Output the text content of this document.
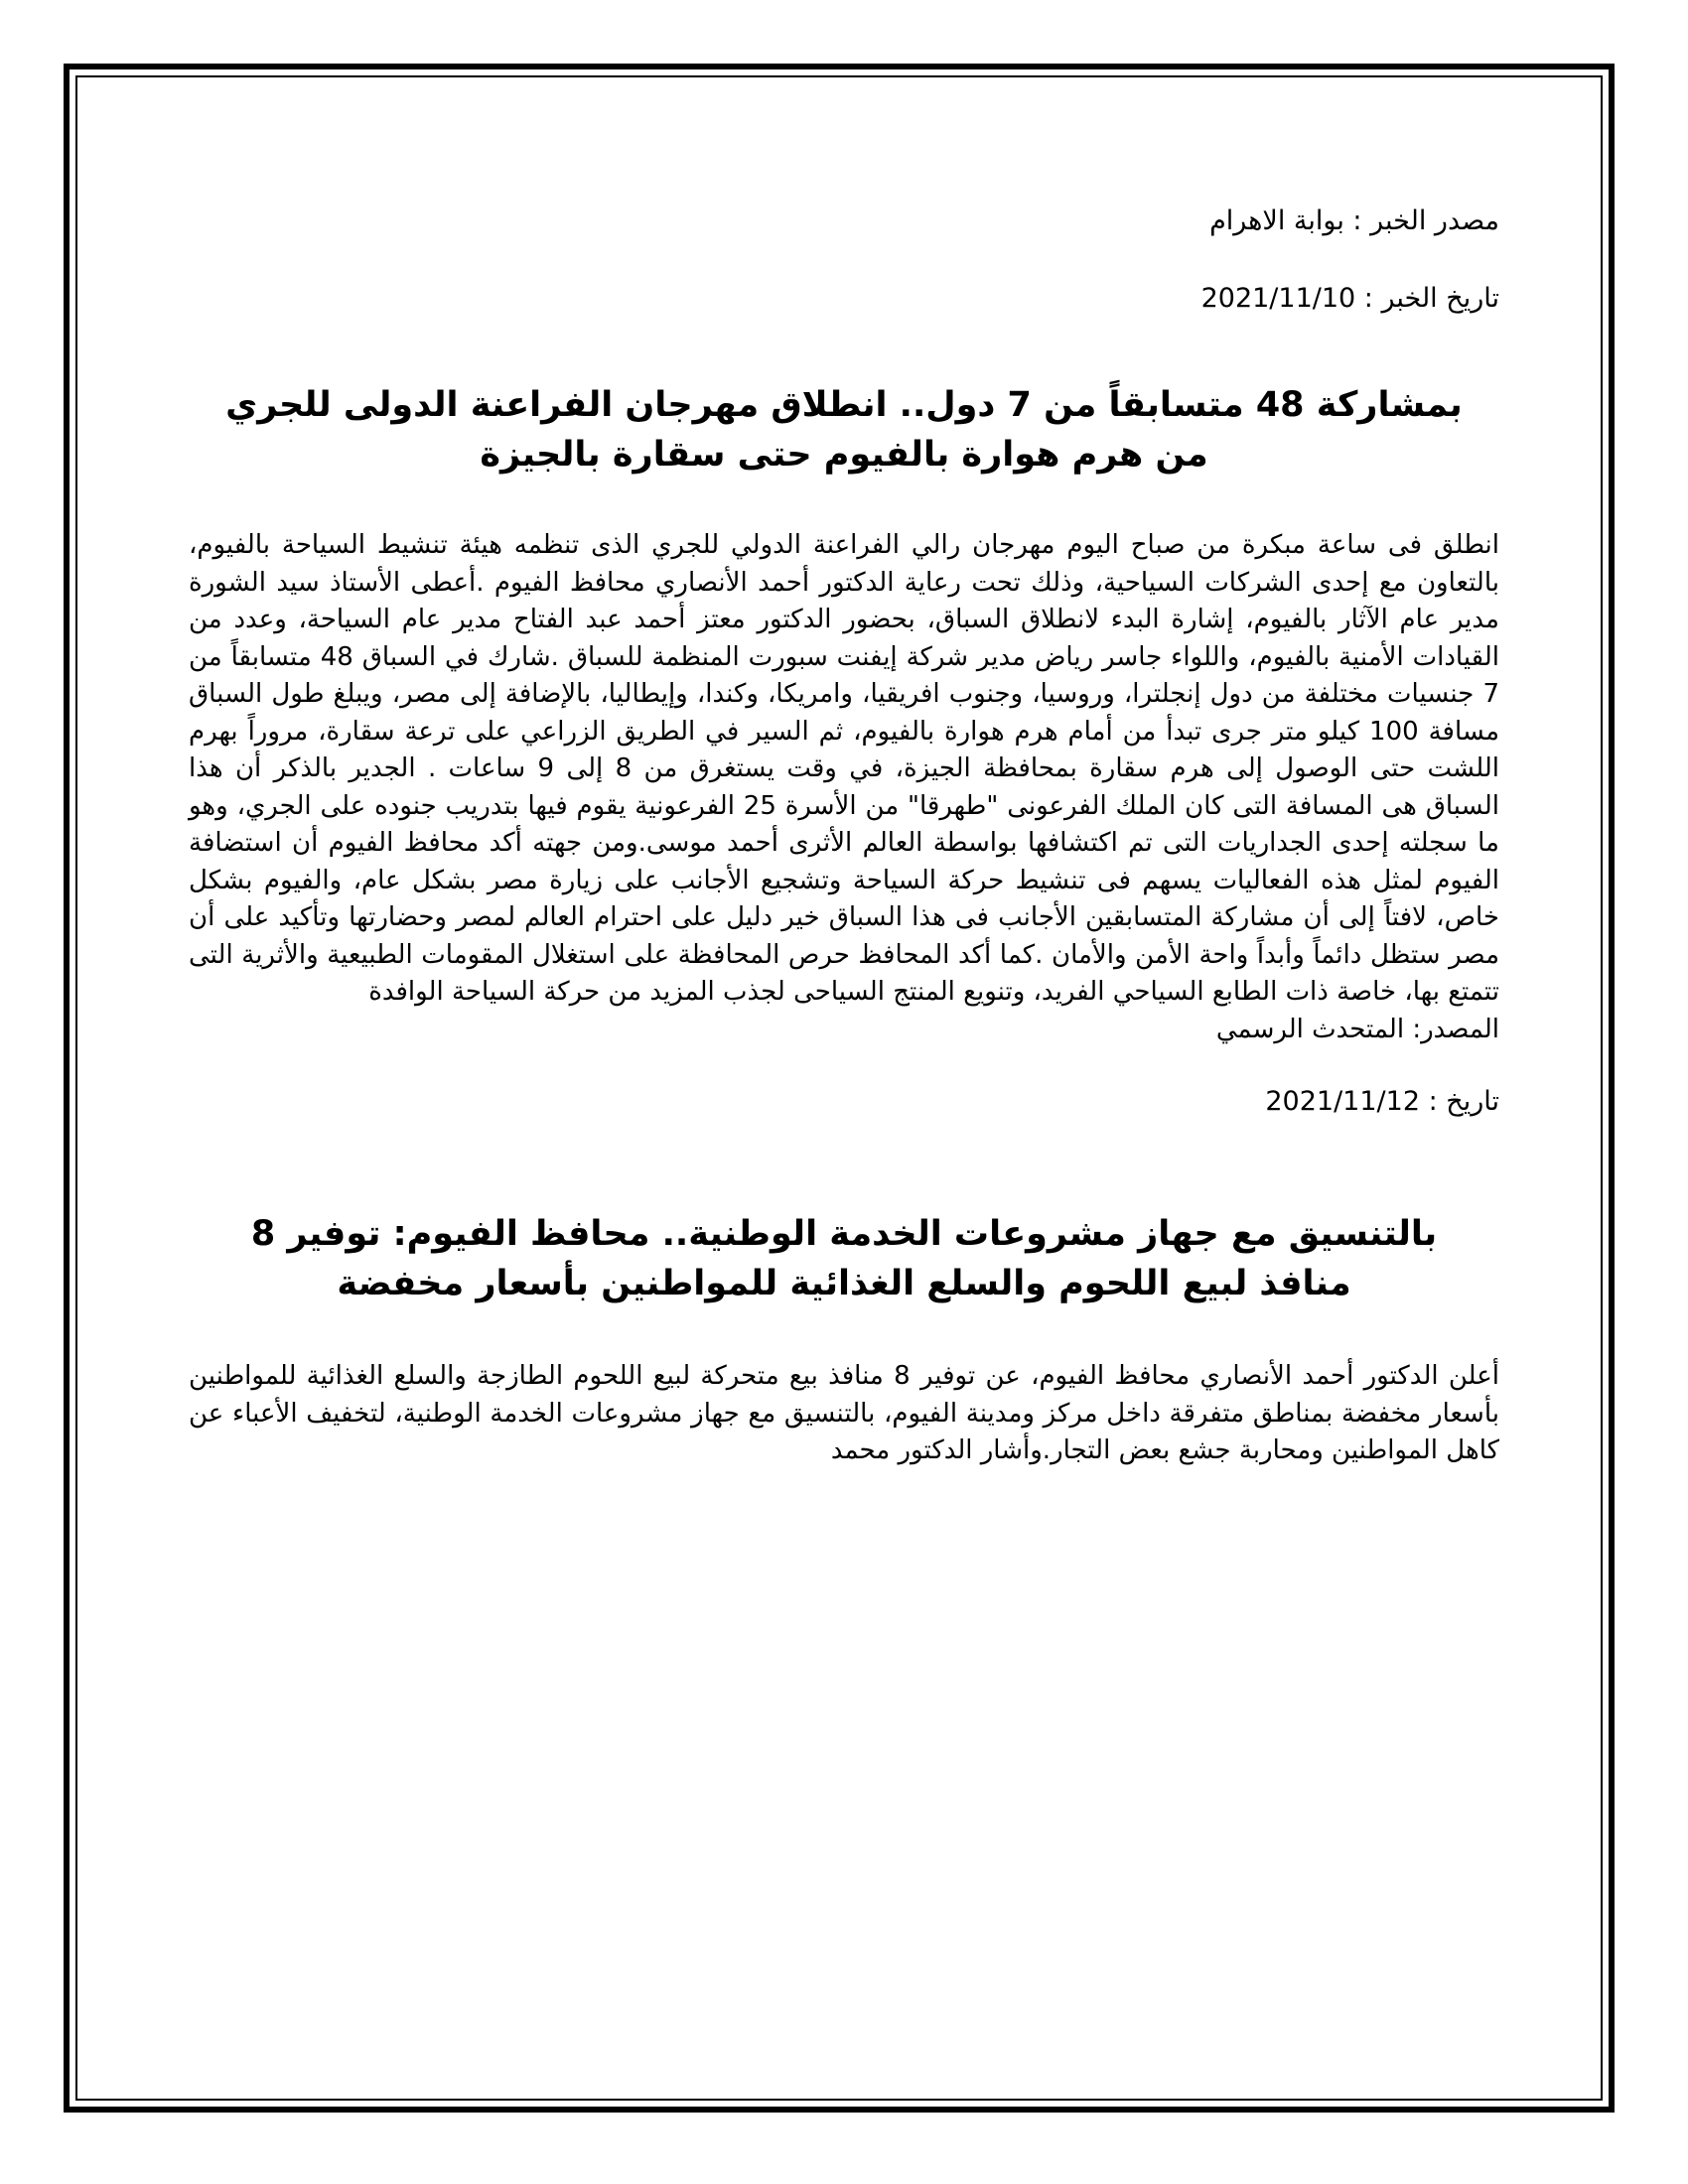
مصدر الخبر : بوابة الاهرام

تاريخ الخبر : 2021/11/10

بمشاركة 48 متسابقاً من 7 دول.. انطلاق مهرجان الفراعنة الدولى للجري من هرم هوارة بالفيوم حتى سقارة بالجيزة

انطلق فى ساعة مبكرة من صباح اليوم مهرجان رالي الفراعنة الدولي للجري الذى تنظمه هيئة تنشيط السياحة بالفيوم، بالتعاون مع إحدى الشركات السياحية، وذلك تحت رعاية الدكتور أحمد الأنصاري محافظ الفيوم .أعطى الأستاذ سيد الشورة مدير عام الآثار بالفيوم، إشارة البدء لانطلاق السباق، بحضور الدكتور معتز أحمد عبد الفتاح مدير عام السياحة، وعدد من القيادات الأمنية بالفيوم، واللواء جاسر رياض مدير شركة إيفنت سبورت المنظمة للسباق .شارك في السباق 48 متسابقاً من 7 جنسيات مختلفة من دول إنجلترا، وروسيا، وجنوب افريقيا، وامريكا، وكندا، وإيطاليا، بالإضافة إلى مصر، ويبلغ طول السباق مسافة 100 كيلو متر جرى تبدأ من أمام هرم هوارة بالفيوم، ثم السير في الطريق الزراعي على ترعة سقارة، مروراً بهرم اللشت حتى الوصول إلى هرم سقارة بمحافظة الجيزة، في وقت يستغرق من 8 إلى 9 ساعات . الجدير بالذكر أن هذا السباق هى المسافة التى كان الملك الفرعونى "طهرقا" من الأسرة 25 الفرعونية يقوم فيها بتدريب جنوده على الجري، وهو ما سجلته إحدى الجداريات التى تم اكتشافها بواسطة العالم الأثرى أحمد موسى.ومن جهته أكد محافظ الفيوم أن استضافة الفيوم لمثل هذه الفعاليات يسهم فى تنشيط حركة السياحة وتشجيع الأجانب على زيارة مصر بشكل عام، والفيوم بشكل خاص، لافتاً إلى أن مشاركة المتسابقين الأجانب فى هذا السباق خير دليل على احترام العالم لمصر وحضارتها وتأكيد على أن مصر ستظل دائماً وأبداً واحة الأمن والأمان .كما أكد المحافظ حرص المحافظة على استغلال المقومات الطبيعية والأثرية التى تتمتع بها، خاصة ذات الطابع السياحي الفريد، وتنويع المنتج السياحى لجذب المزيد من حركة السياحة الوافدة

المصدر: المتحدث الرسمي

تاريخ : 2021/11/12

بالتنسيق مع جهاز مشروعات الخدمة الوطنية.. محافظ الفيوم: توفير 8 منافذ لبيع اللحوم والسلع الغذائية للمواطنين بأسعار مخفضة

أعلن الدكتور أحمد الأنصاري محافظ الفيوم، عن توفير 8 منافذ بيع متحركة لبيع اللحوم الطازجة والسلع الغذائية للمواطنين بأسعار مخفضة بمناطق متفرقة داخل مركز ومدينة الفيوم، بالتنسيق مع جهاز مشروعات الخدمة الوطنية، لتخفيف الأعباء عن كاهل المواطنين ومحاربة جشع بعض التجار.وأشار الدكتور محمد
